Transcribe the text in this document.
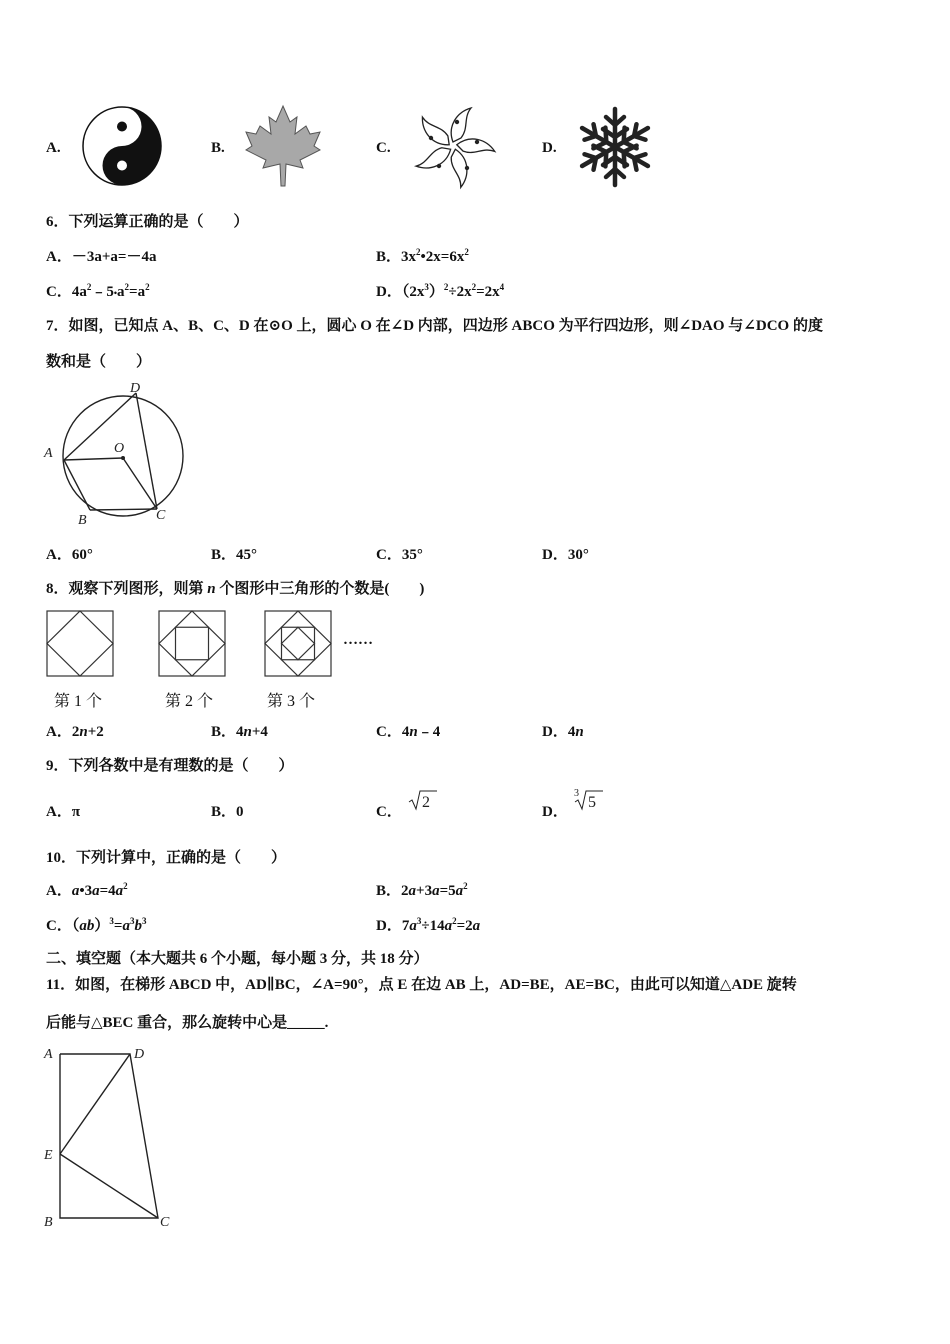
A.	B.	C.	D.
6．下列运算正确的是（　　）
A．－3a+a=－4a	B．$3x^2•2x=6x^2$
C．$4a^2﹣5•a^2=a^2$	D．$(2x^3)^2\div 2x^2=2x^4$
7．如图，已知点 A、B、C、D 在⊙O 上，圆心 O 在∠D 内部，四边形 ABCO 为平行四边形，则∠DAO 与∠DCO 的度
数和是（　　）
D
A	O
B	C
A．60°	B．45°	C．35°	D．30°
8．观察下列图形，则第 n 个图形中三角形的个数是(　　)
……
第 1 个	第 2 个	第 3 个
A．2n+2	B．4n+4	C．4n﹣4	D．4n
9．下列各数中是有理数的是（　　）
A．π	B．0	C．
2
D．
3
5
10．下列计算中，正确的是（　　）
A．$a•3a=4a^2$	B．$2a+3a=5a^2$
C．$(ab)^3=a^3b^3$	D．$7a^3\div 14a^2=2a$
二、填空题（本大题共 6 个小题，每小题 3 分，共 18 分）
11．如图，在梯形 ABCD 中，AD∥BC，∠A=90°，点 E 在边 AB 上，AD=BE，AE=BC，由此可以知道△ADE 旋转
后能与△BEC 重合，那么旋转中心是_____.
A	D
E
B	C
